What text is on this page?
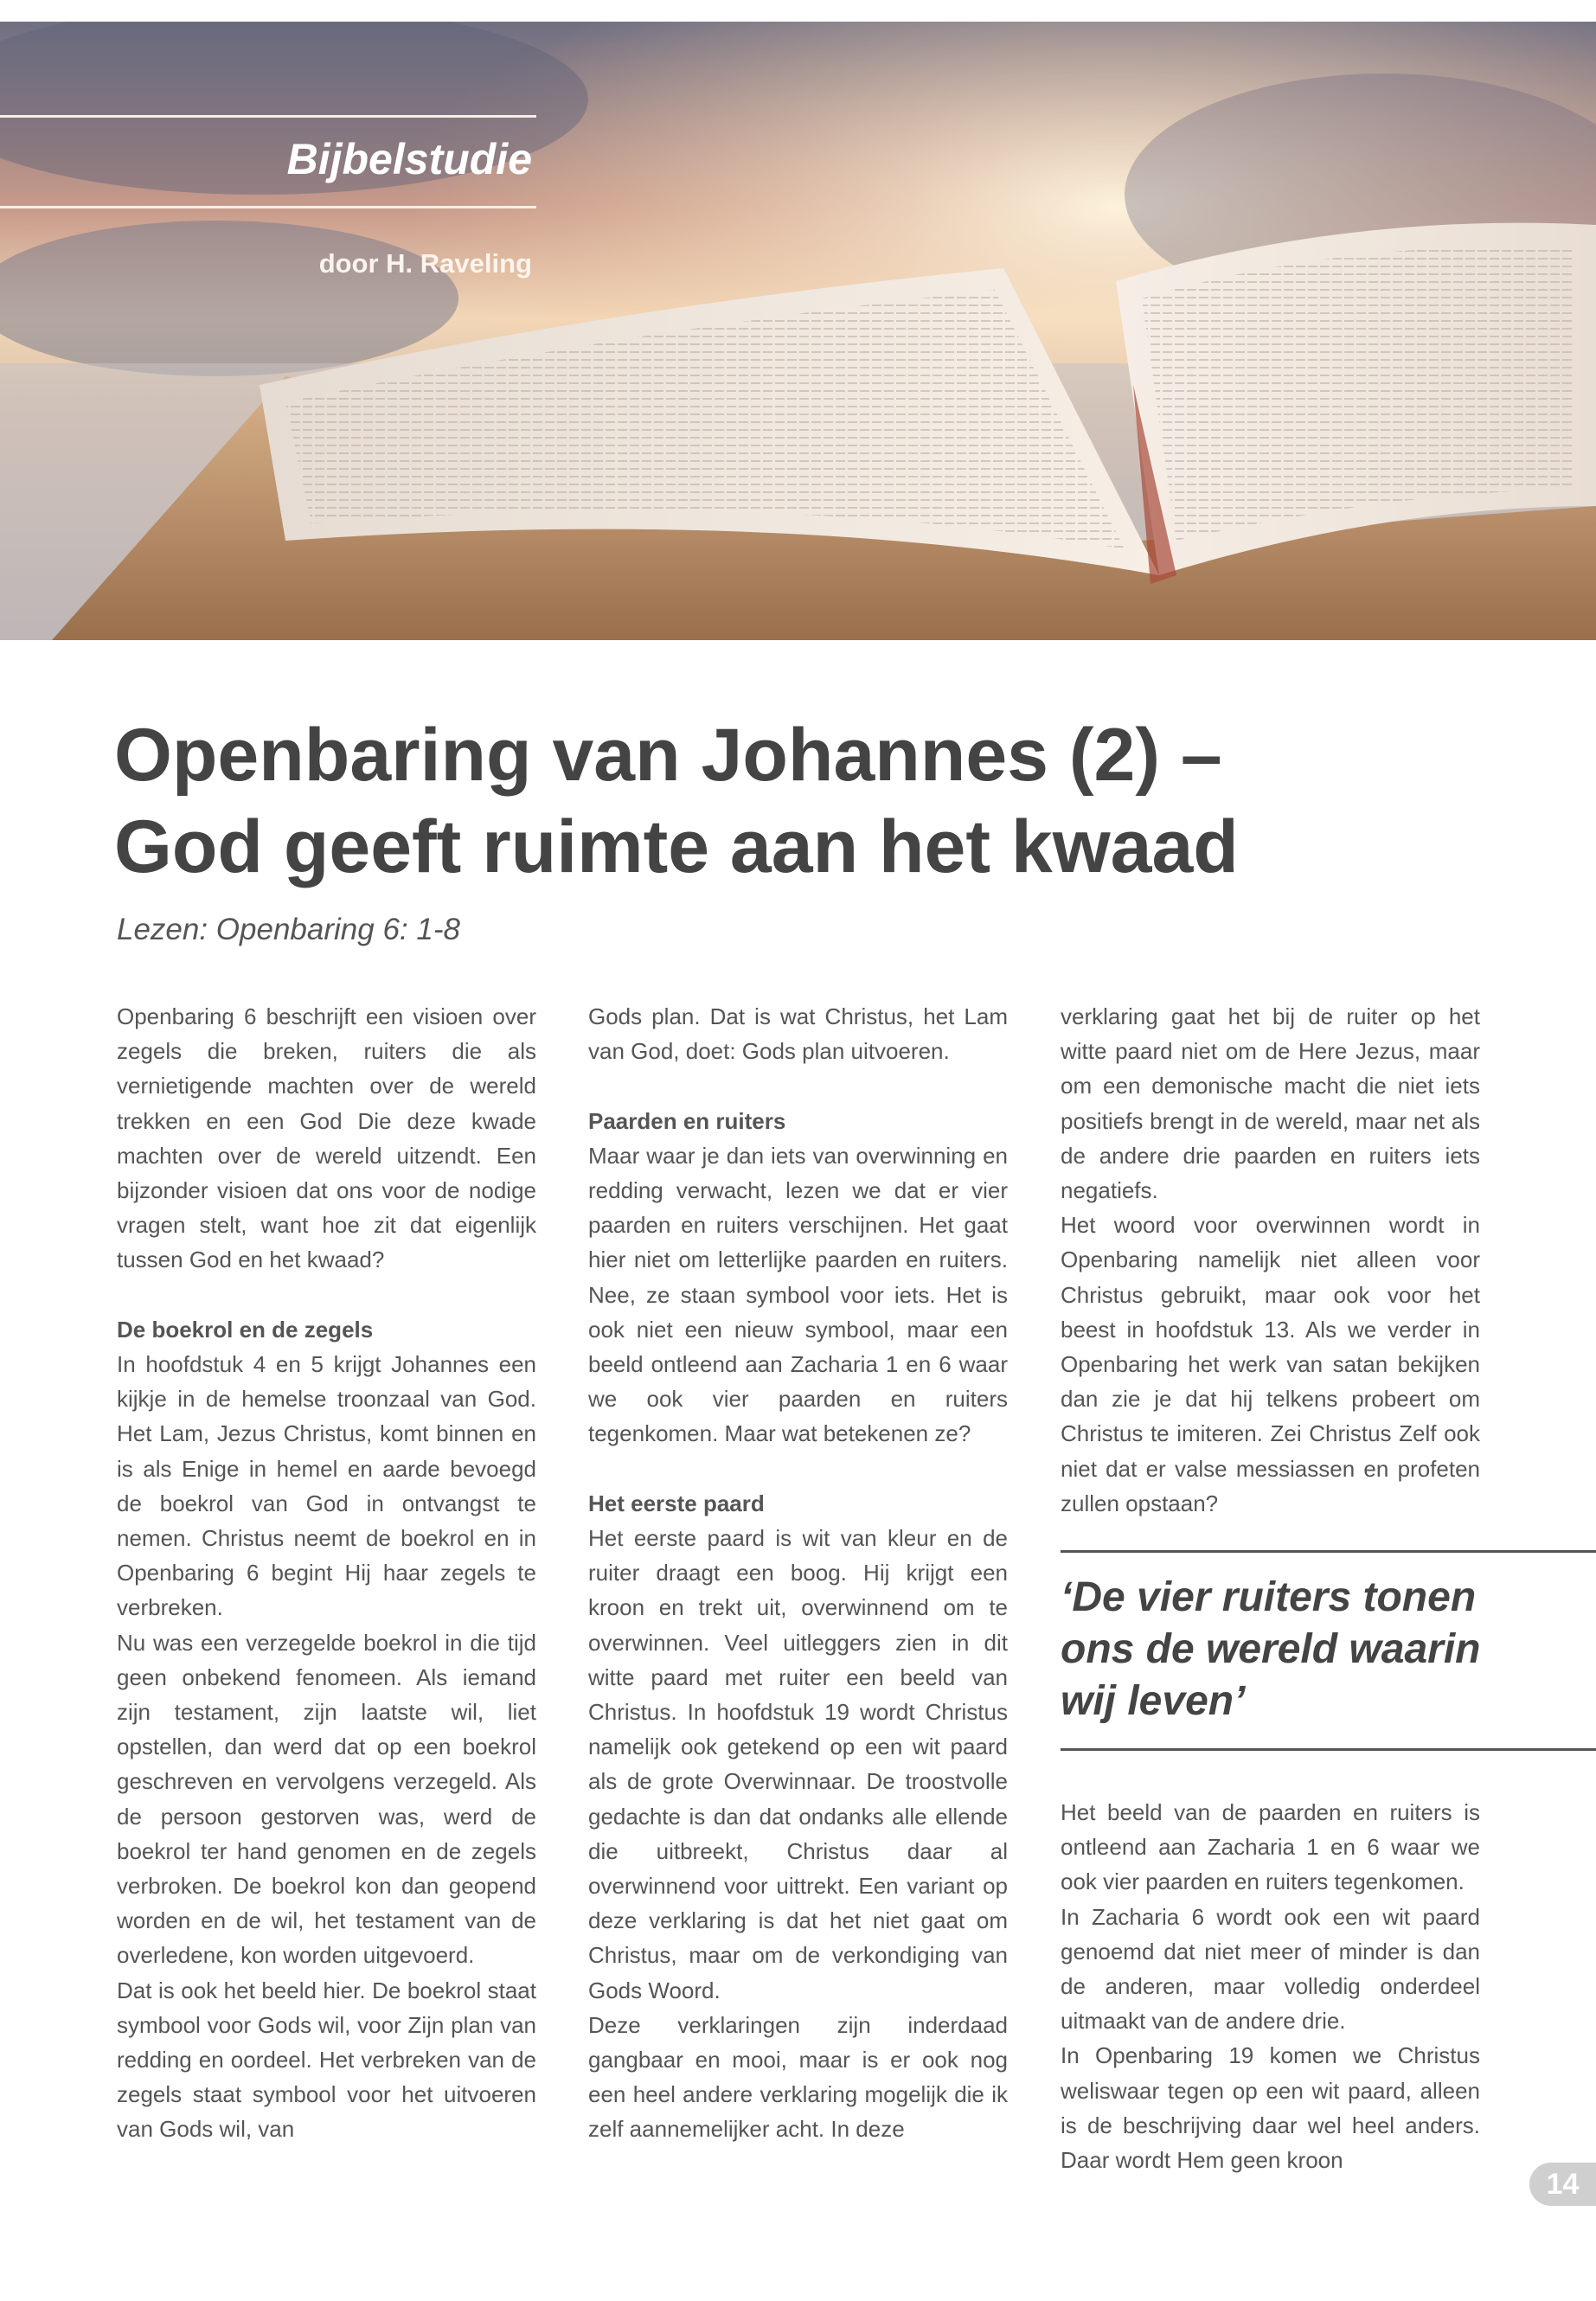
Bijbelstudie
door H. Raveling
Openbaring van Johannes (2) –
God geeft ruimte aan het kwaad
Lezen: Openbaring 6: 1-8

Openbaring 6 beschrijft een visioen over zegels die breken, ruiters die als vernietigende machten over de wereld trekken en een God Die deze kwade machten over de wereld uitzendt. Een bijzonder visioen dat ons voor de nodige vragen stelt, want hoe zit dat eigenlijk tussen God en het kwaad?

De boekrol en de zegels

In hoofdstuk 4 en 5 krijgt Johannes een kijkje in de hemelse troonzaal van God. Het Lam, Jezus Christus, komt binnen en is als Enige in hemel en aarde bevoegd de boekrol van God in ontvangst te nemen. Christus neemt de boekrol en in Openbaring 6 begint Hij haar zegels te verbreken.

Nu was een verzegelde boekrol in die tijd geen onbekend fenomeen. Als iemand zijn testament, zijn laatste wil, liet opstellen, dan werd dat op een boekrol geschreven en vervolgens verzegeld. Als de persoon gestorven was, werd de boekrol ter hand genomen en de zegels verbroken. De boekrol kon dan geopend worden en de wil, het testament van de overledene, kon worden uitgevoerd.

Dat is ook het beeld hier. De boekrol staat symbool voor Gods wil, voor Zijn plan van redding en oordeel. Het verbreken van de zegels staat symbool voor het uitvoeren van Gods wil, van

Gods plan. Dat is wat Christus, het Lam van God, doet: Gods plan uitvoeren.

Paarden en ruiters

Maar waar je dan iets van overwinning en redding verwacht, lezen we dat er vier paarden en ruiters verschijnen. Het gaat hier niet om letterlijke paarden en ruiters. Nee, ze staan symbool voor iets. Het is ook niet een nieuw symbool, maar een beeld ontleend aan Zacharia 1 en 6 waar we ook vier paarden en ruiters tegenkomen. Maar wat betekenen ze?

Het eerste paard

Het eerste paard is wit van kleur en de ruiter draagt een boog. Hij krijgt een kroon en trekt uit, overwinnend om te overwinnen. Veel uitleggers zien in dit witte paard met ruiter een beeld van Christus. In hoofdstuk 19 wordt Christus namelijk ook getekend op een wit paard als de grote Overwinnaar. De troostvolle gedachte is dan dat ondanks alle ellende die uitbreekt, Christus daar al overwinnend voor uittrekt. Een variant op deze verklaring is dat het niet gaat om Christus, maar om de verkondiging van Gods Woord.

Deze verklaringen zijn inderdaad gangbaar en mooi, maar is er ook nog een heel andere verklaring mogelijk die ik zelf aannemelijker acht. In deze

verklaring gaat het bij de ruiter op het witte paard niet om de Here Jezus, maar om een demonische macht die niet iets positiefs brengt in de wereld, maar net als de andere drie paarden en ruiters iets negatiefs.

Het woord voor overwinnen wordt in Openbaring namelijk niet alleen voor Christus gebruikt, maar ook voor het beest in hoofdstuk 13. Als we verder in Openbaring het werk van satan bekijken dan zie je dat hij telkens probeert om Christus te imiteren. Zei Christus Zelf ook niet dat er valse messiassen en profeten zullen opstaan?

‘De vier ruiters tonen ons de wereld waarin wij leven’

Het beeld van de paarden en ruiters is ontleend aan Zacharia 1 en 6 waar we ook vier paarden en ruiters tegenkomen.

In Zacharia 6 wordt ook een wit paard genoemd dat niet meer of minder is dan de anderen, maar volledig onderdeel uitmaakt van de andere drie.

In Openbaring 19 komen we Christus weliswaar tegen op een wit paard, alleen is de beschrijving daar wel heel anders. Daar wordt Hem geen kroon

14
